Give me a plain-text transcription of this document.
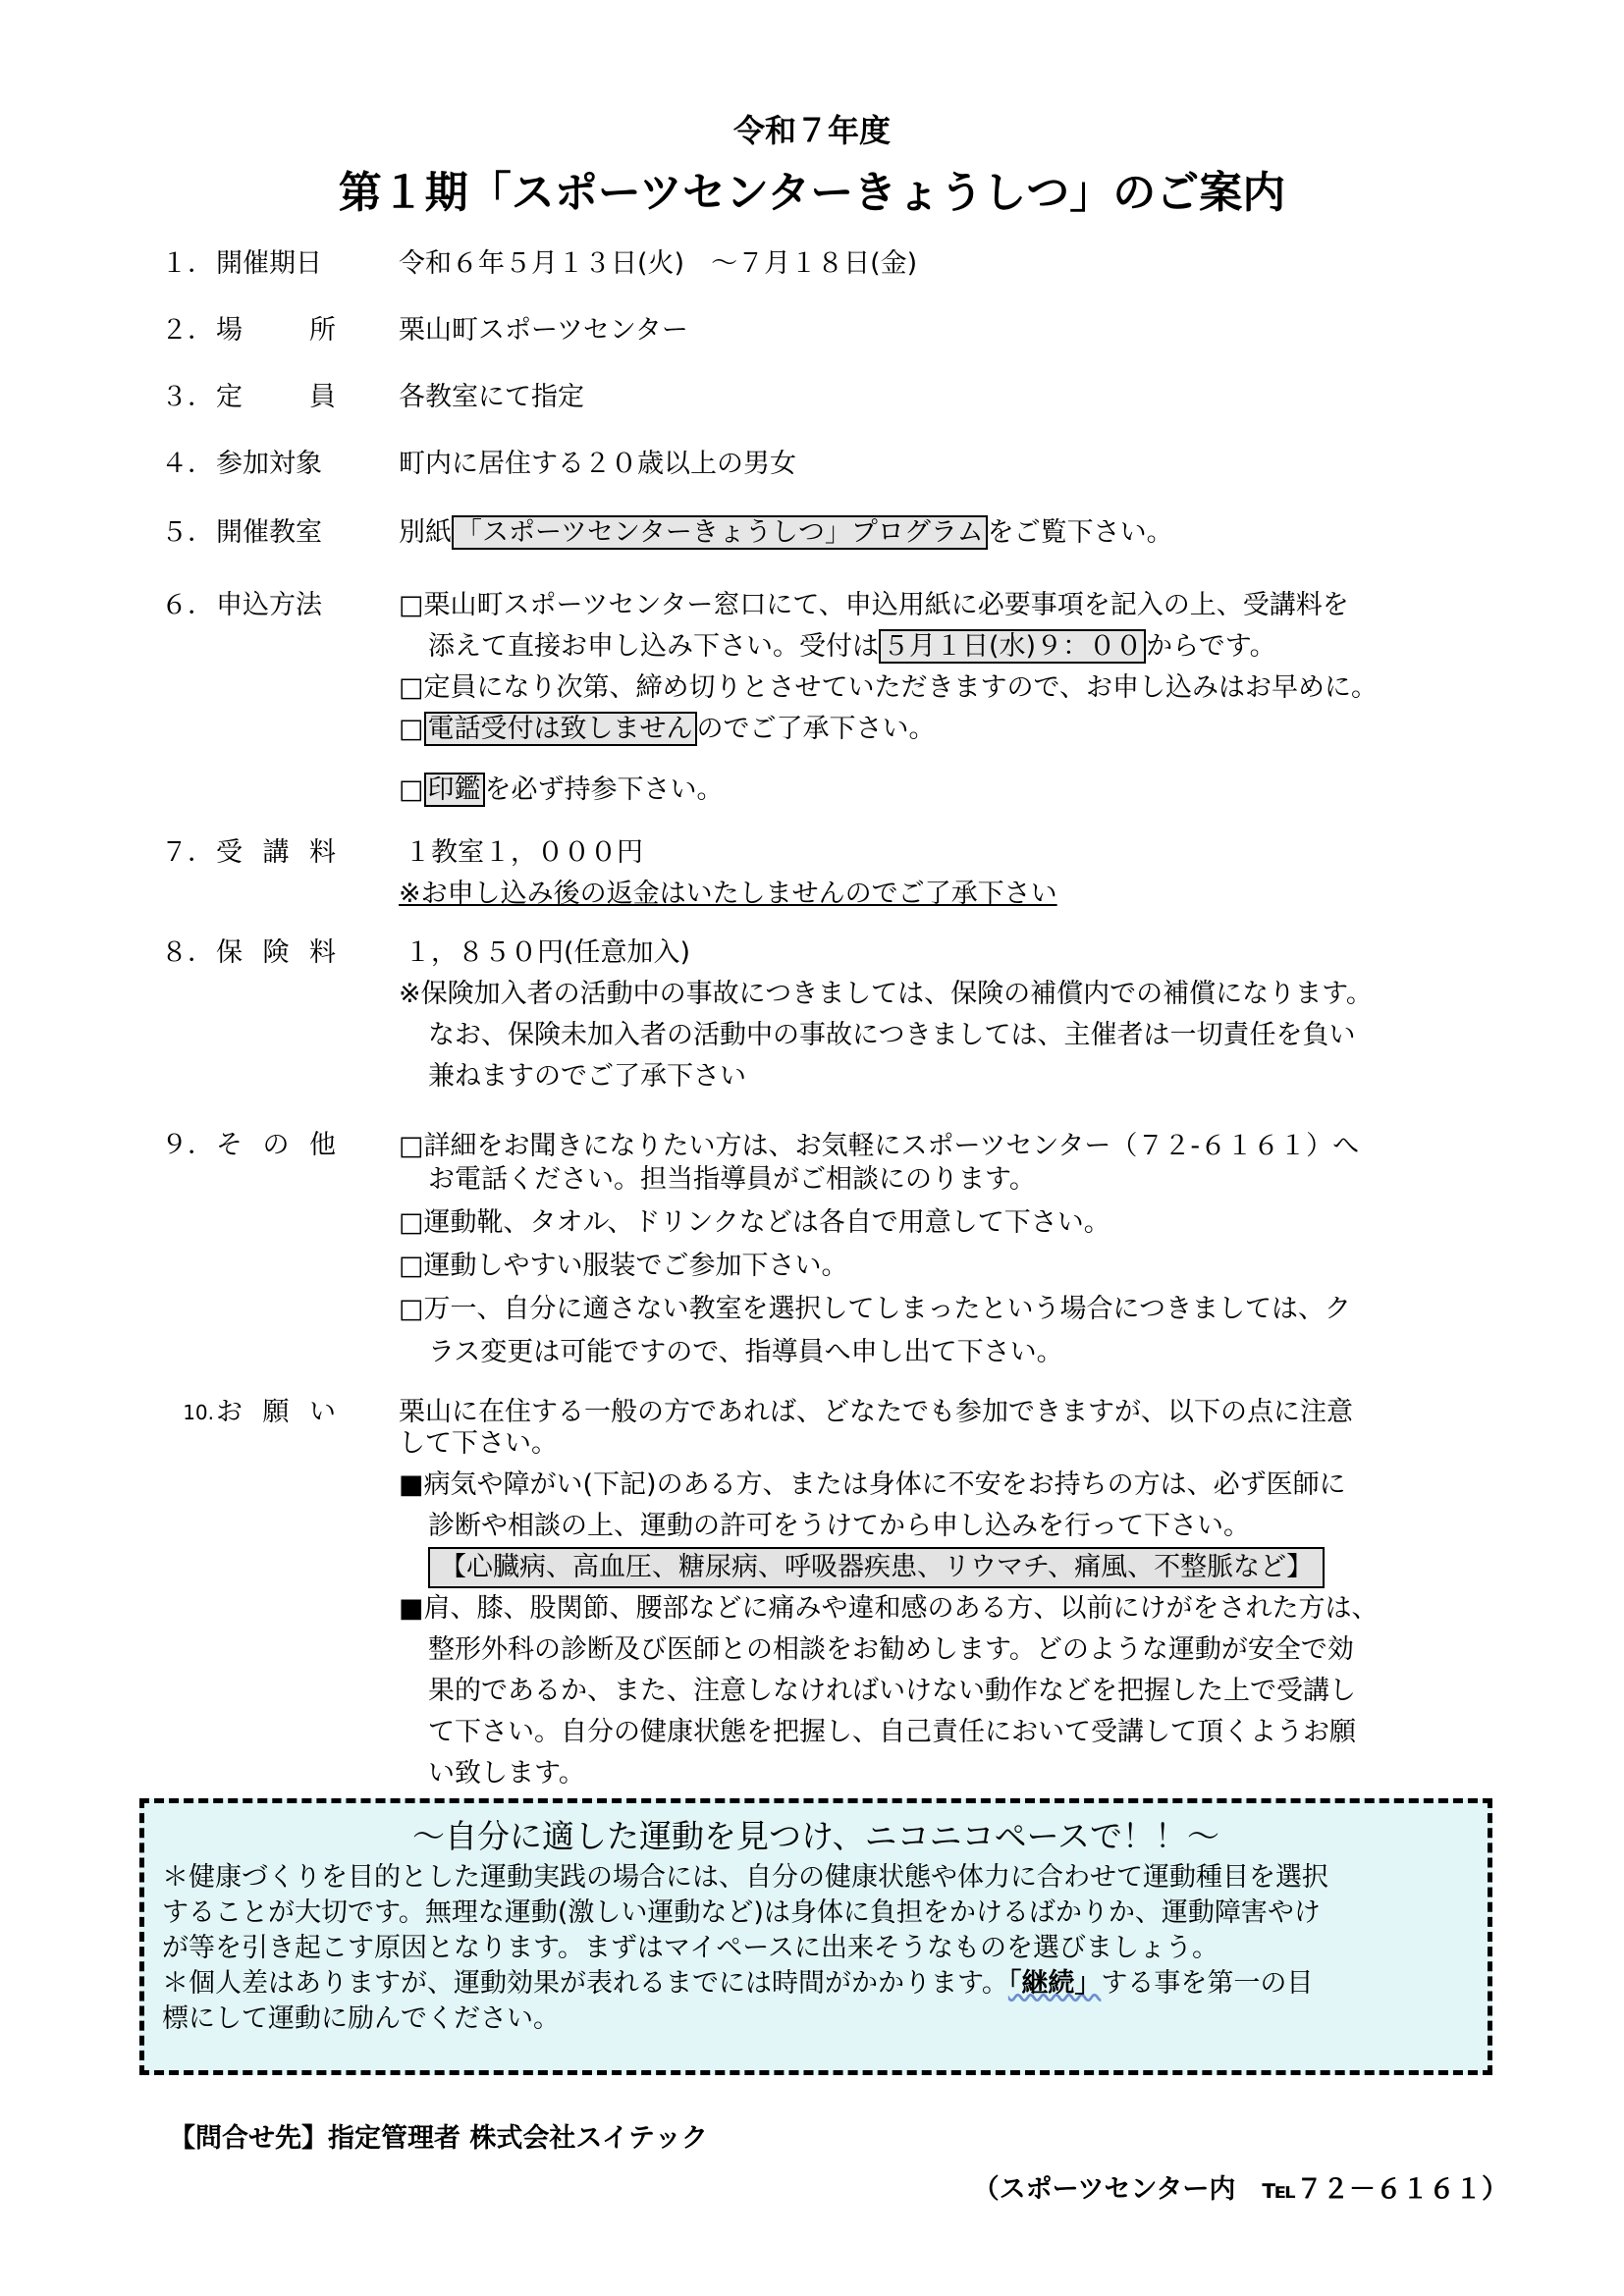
令和７年度
第１期「スポーツセンターきょうしつ」のご案内
１． 開催期日	令和６年５月１３日(火)　～７月１８日(金)
２． 場	所 栗山町スポーツセンター
３． 定	員 各教室にて指定
４． 参加対象	町内に居住する２０歳以上の男女
５． 開催教室	別紙 「スポーツセンターきょうしつ」プログラム をご覧下さい。
６． 申込方法	□栗山町スポーツセンター窓口にて、申込用紙に必要事項を記入の上、受講料を
添えて直接お申し込み下さい。受付は ５月１日(水)９：００ からです。
□定員になり次第、締め切りとさせていただきますので、お申し込みはお早めに。
□ 電話受付は致しません のでご了承下さい。
□ 印鑑 を必ず持参下さい。
７． 受 講 料	１教室１，０００円
※お申し込み後の返金はいたしませんのでご了承下さい
８． 保 険 料	１，８５０円(任意加入)
※保険加入者の活動中の事故につきましては、保険の補償内での補償になります。
なお、保険未加入者の活動中の事故につきましては、主催者は一切責任を負い
兼ねますのでご了承下さい
９． そ の 他 □詳細をお聞きになりたい方は、お気軽にスポーツセンター（７２-６１６１）へ
お電話ください。担当指導員がご相談にのります。
□運動靴、タオル、ドリンクなどは各自で用意して下さい。
□運動しやすい服装でご参加下さい。
□万一、自分に適さない教室を選択してしまったという場合につきましては、ク
ラス変更は可能ですので、指導員へ申し出て下さい。
10. お 願 い 栗山に在住する一般の方であれば、どなたでも参加できますが、以下の点に注意
して下さい。
■病気や障がい(下記)のある方、または身体に不安をお持ちの方は、必ず医師に
診断や相談の上、運動の許可をうけてから申し込みを行って下さい。
【心臓病、高血圧、糖尿病、呼吸器疾患、リウマチ、痛風、不整脈など】
■肩、膝、股関節、腰部などに痛みや違和感のある方、以前にけがをされた方は、
整形外科の診断及び医師との相談をお勧めします。どのような運動が安全で効
果的であるか、また、注意しなければいけない動作などを把握した上で受講し
て下さい。自分の健康状態を把握し、自己責任において受講して頂くようお願
い致します。
～自分に適した運動を見つけ、ニコニコペースで！！～
＊健康づくりを目的とした運動実践の場合には、自分の健康状態や体力に合わせて運動種目を選択
することが大切です。無理な運動(激しい運動など)は身体に負担をかけるばかりか、運動障害やけ
が等を引き起こす原因となります。まずはマイペースに出来そうなものを選びましょう。
＊個人差はありますが、運動効果が表れるまでには時間がかかります。「継続」する事を第一の目
標にして運動に励んでください。
【問合せ先】指定管理者 株式会社スイテック
（スポーツセンター内　℡７２－６１６１）
